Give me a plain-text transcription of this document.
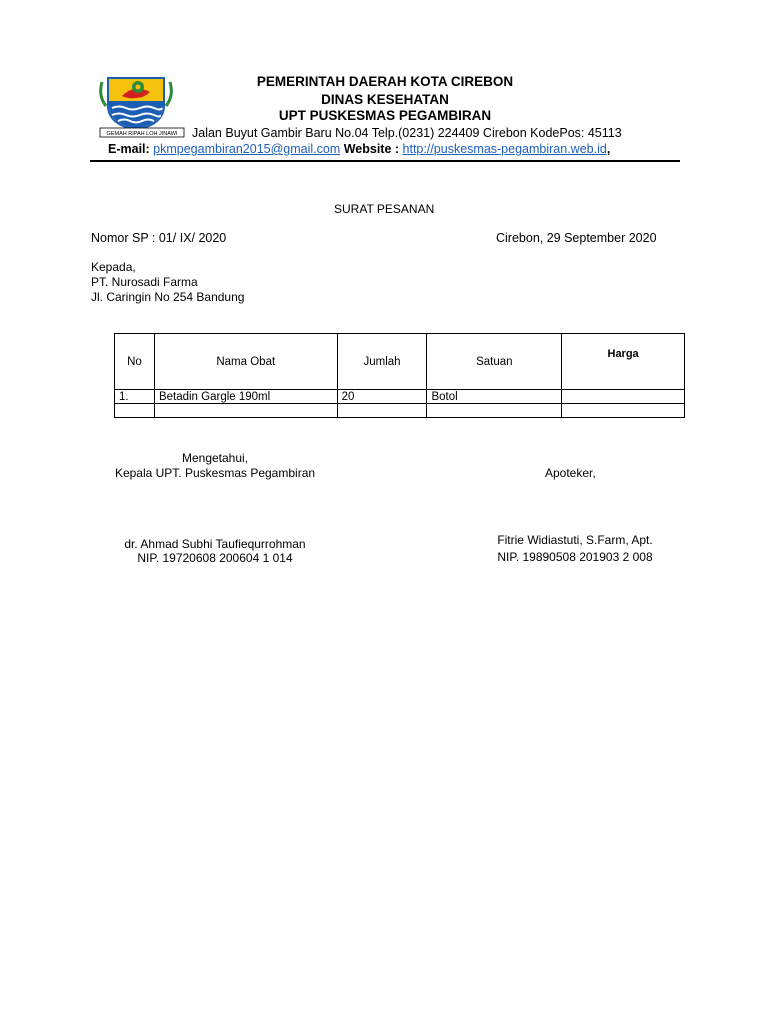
GEMAH RIPAH LOH JINAWI
PEMERINTAH DAERAH KOTA CIREBON
DINAS KESEHATAN
UPT PUSKESMAS PEGAMBIRAN
Jalan Buyut Gambir Baru No.04 Telp.(0231) 224409 Cirebon KodePos: 45113
E-mail: pkmpegambiran2015@gmail.com Website : http://puskesmas-pegambiran.web.id,
SURAT PESANAN
Nomor SP : 01/ IX/ 2020	Cirebon, 29 September 2020
Kepada,
PT. Nurosadi Farma
Jl. Caringin No 254 Bandung
No	Nama Obat	Jumlah	Satuan	Harga
1.	Betadin Gargle 190ml	20	Botol	

Mengetahui,
Kepala UPT. Puskesmas Pegambiran	Apoteker,
dr. Ahmad Subhi Taufiequrrohman
NIP. 19720608 200604 1 014
Fitrie Widiastuti, S.Farm, Apt.
NIP. 19890508 201903 2 008
